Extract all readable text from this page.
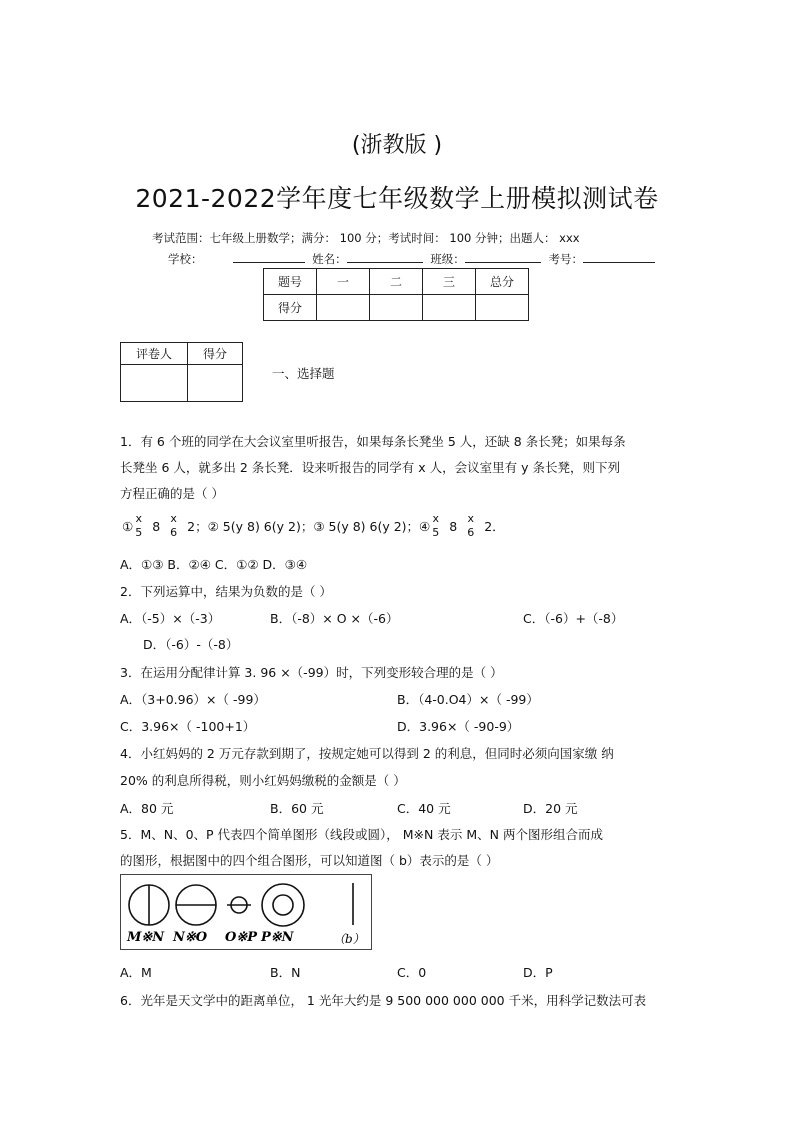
(浙教版 )
2021-2022学年度七年级数学上册模拟测试卷
考试范围：七年级上册数学；满分： 100 分；考试时间： 100 分钟；出题人： xxx
学校：	姓名：	班级：	考号：
题号	一	二	三	总分
得分				
评卷人	得分

一、选择题
1．有 6 个班的同学在大会议室里听报告，如果每条长凳坐 5 人，还缺 8 条长凳；如果每条
长凳坐 6 人，就多出 2 条长凳．设来听报告的同学有 x 人，会议室里有 y 条长凳，则下列
方程正确的是（ ）
① x
5 8 x
6 2；② 5(y 8) 6(y 2)；③ 5(y 8) 6(y 2)；④
x
5 8 x
6 2．
A．①③ B．②④ C．①② D．③④
2．下列运算中，结果为负数的是（ ）
A．（-5）×（-3）	B．（-8）× O ×（-6）	C．（-6）+（-8）
D．（-6）-（-8）
3．在运用分配律计算 3. 96 ×（-99）时，下列变形较合理的是（ ）
A．（3+0.96）×（ -99）	B．（4-0.O4）×（ -99）
C．3.96×（ -100+1）	D．3.96×（ -90-9）
4．小红妈妈的 2 万元存款到期了，按规定她可以得到 2 的利息，但同时必须向国家缴 纳
20% 的利息所得税，则小红妈妈缴税的金额是（ ）
A．80 元	B．60 元	C．40 元	D．20 元
5．M、N、0、P 代表四个简单图形（线段或圆）， M※N 表示 M、N 两个图形组合而成
的图形，根据图中的四个组合图形，可以知道图（ b）表示的是（ ）
M※N N※O O※P P※N	（b）
A．M	B．N	C．0	D．P
6．光年是天文学中的距离单位， 1 光年大约是 9 500 000 000 000 千米，用科学记数法可表
